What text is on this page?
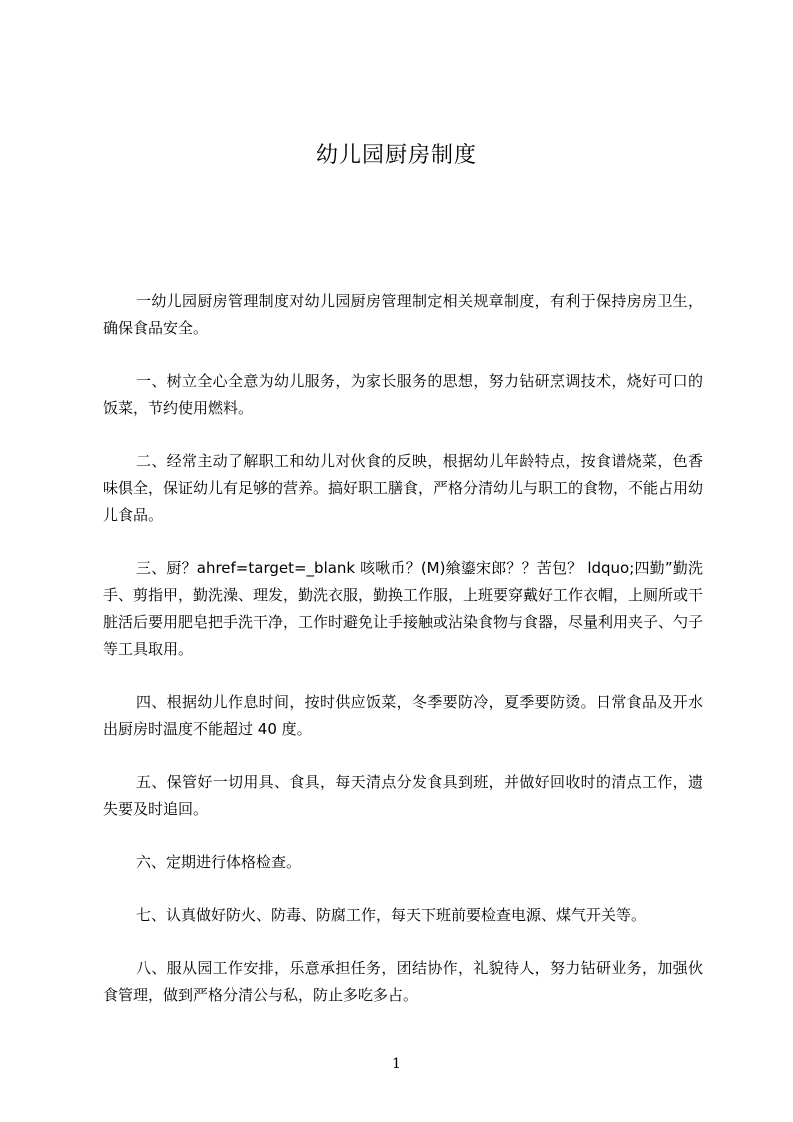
幼儿园厨房制度

一幼儿园厨房管理制度对幼儿园厨房管理制定相关规章制度，有利于保持房房卫生，确保食品安全。

一、树立全心全意为幼儿服务，为家长服务的思想，努力钻研烹调技术，烧好可口的饭菜，节约使用燃料。

二、经常主动了解职工和幼儿对伙食的反映，根据幼儿年龄特点，按食谱烧菜，色香味俱全，保证幼儿有足够的营养。搞好职工膳食，严格分清幼儿与职工的食物，不能占用幼儿食品。

三、厨？ahref=target=_blank 咳啾币？(M)飨鎏宋郎？？苦包？ ldquo;四勤”勤洗手、剪指甲，勤洗澡、理发，勤洗衣服，勤换工作服，上班要穿戴好工作衣帽，上厕所或干脏活后要用肥皂把手洗干净，工作时避免让手接触或沾染食物与食器，尽量利用夹子、勺子等工具取用。

四、根据幼儿作息时间，按时供应饭菜，冬季要防冷，夏季要防烫。日常食品及开水出厨房时温度不能超过 40 度。

五、保管好一切用具、食具，每天清点分发食具到班，并做好回收时的清点工作，遗失要及时追回。

六、定期进行体格检查。

七、认真做好防火、防毒、防腐工作，每天下班前要检查电源、煤气开关等。

八、服从园工作安排，乐意承担任务，团结协作，礼貌待人，努力钻研业务，加强伙食管理，做到严格分清公与私，防止多吃多占。

1
